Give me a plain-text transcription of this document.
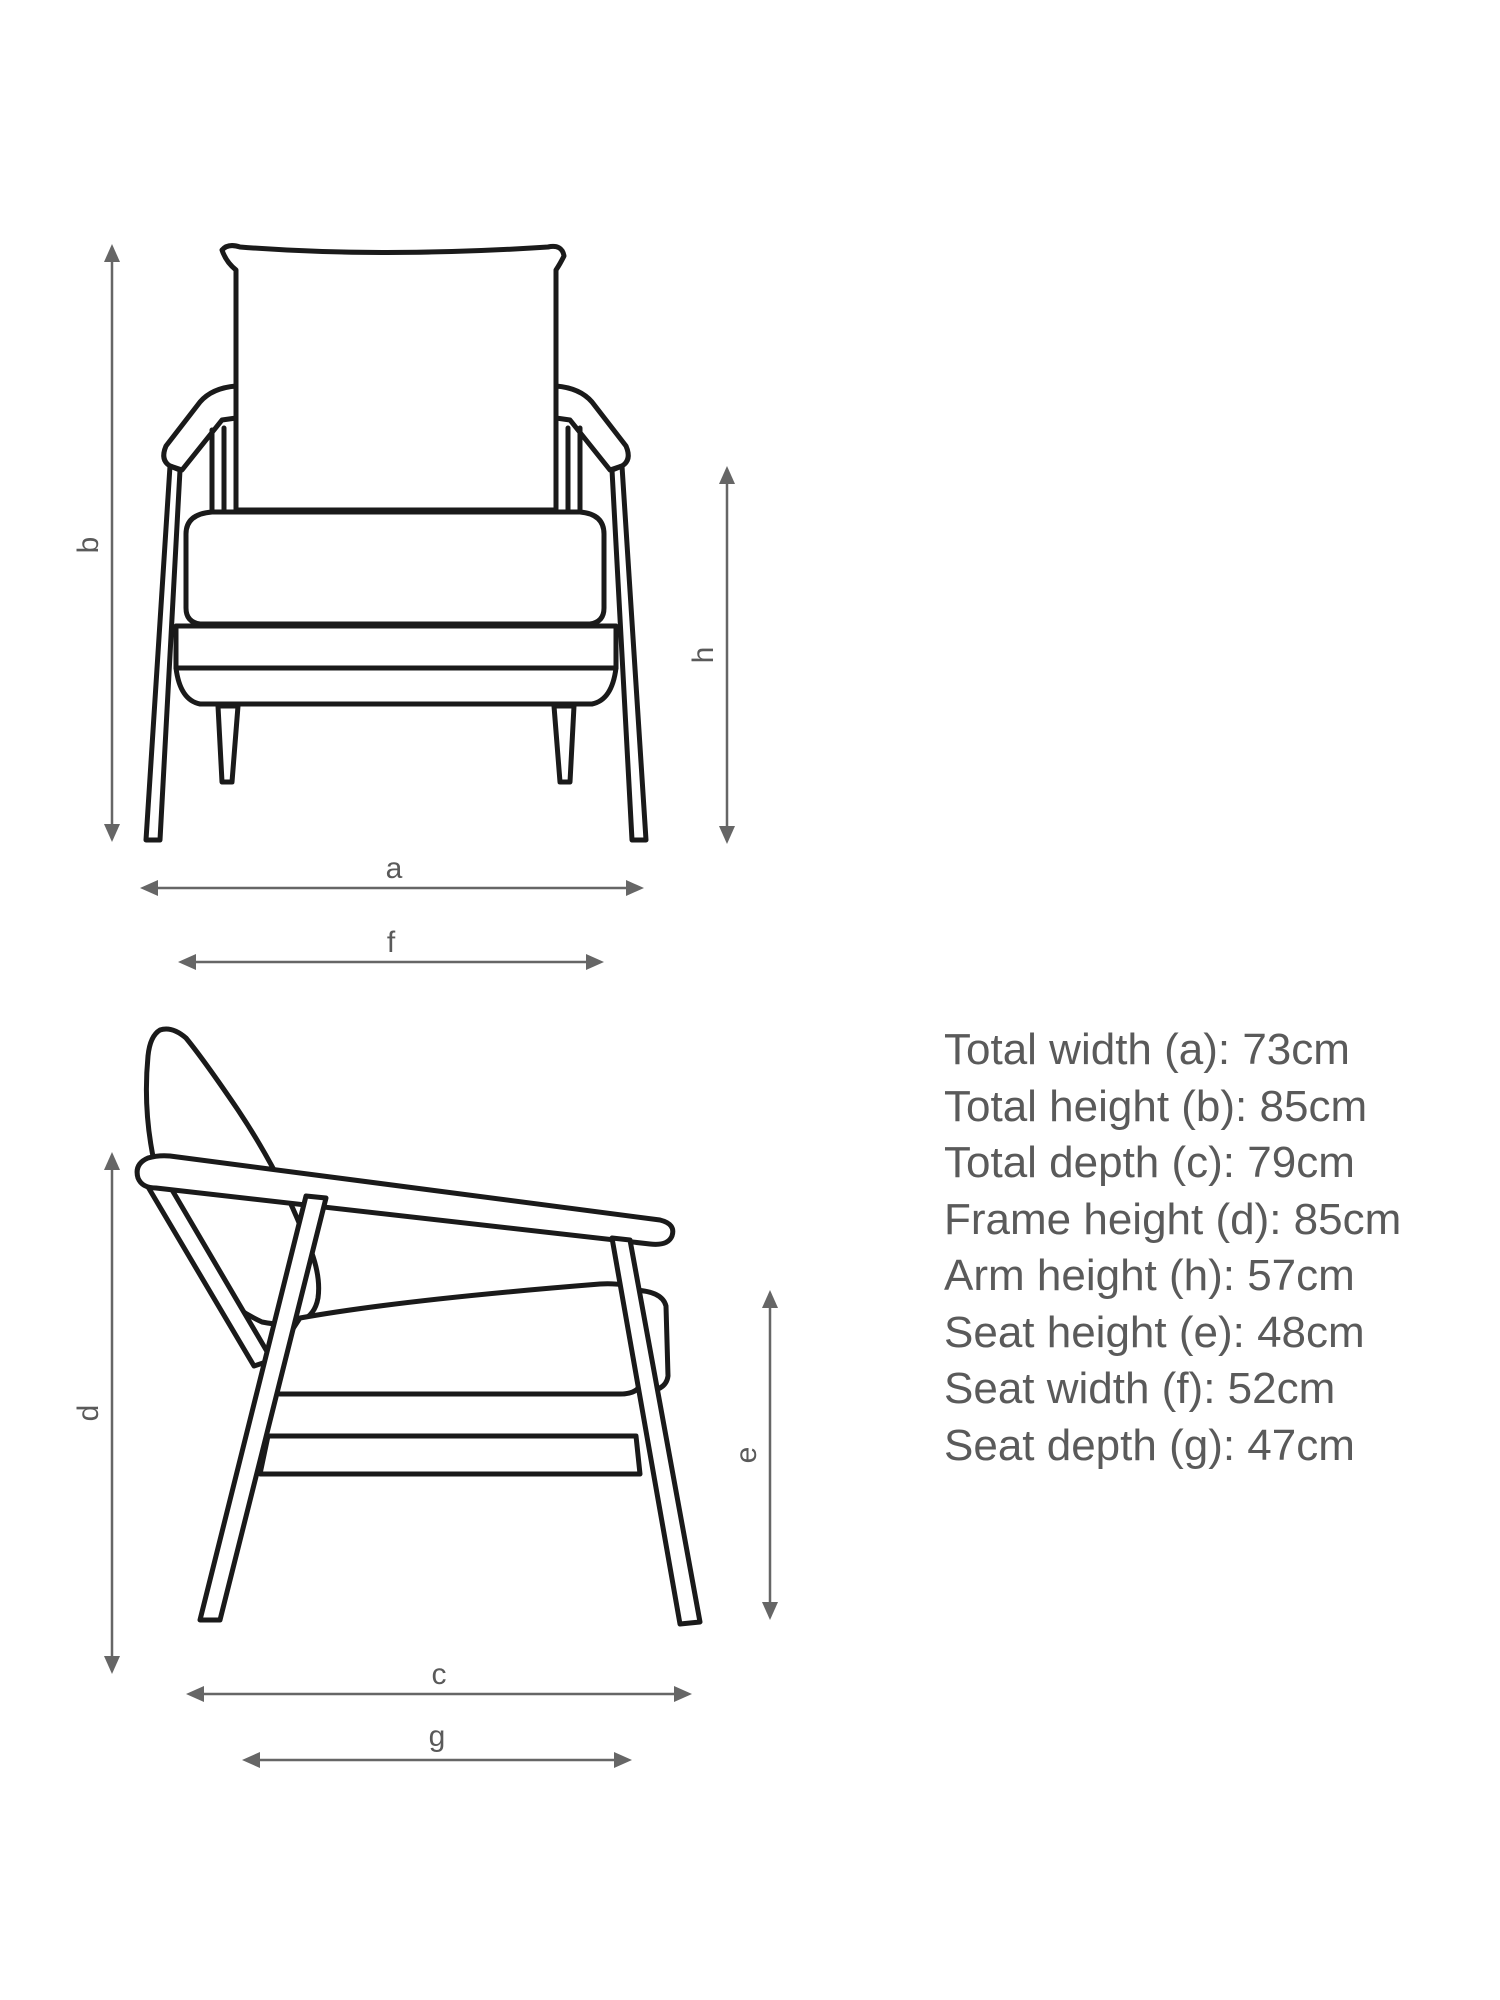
b
h
a
f
d
e
c
g
Total width (a): 73cm
Total height (b): 85cm
Total depth (c): 79cm
Frame height (d): 85cm
Arm height (h): 57cm
Seat height (e): 48cm
Seat width (f): 52cm
Seat depth (g): 47cm
